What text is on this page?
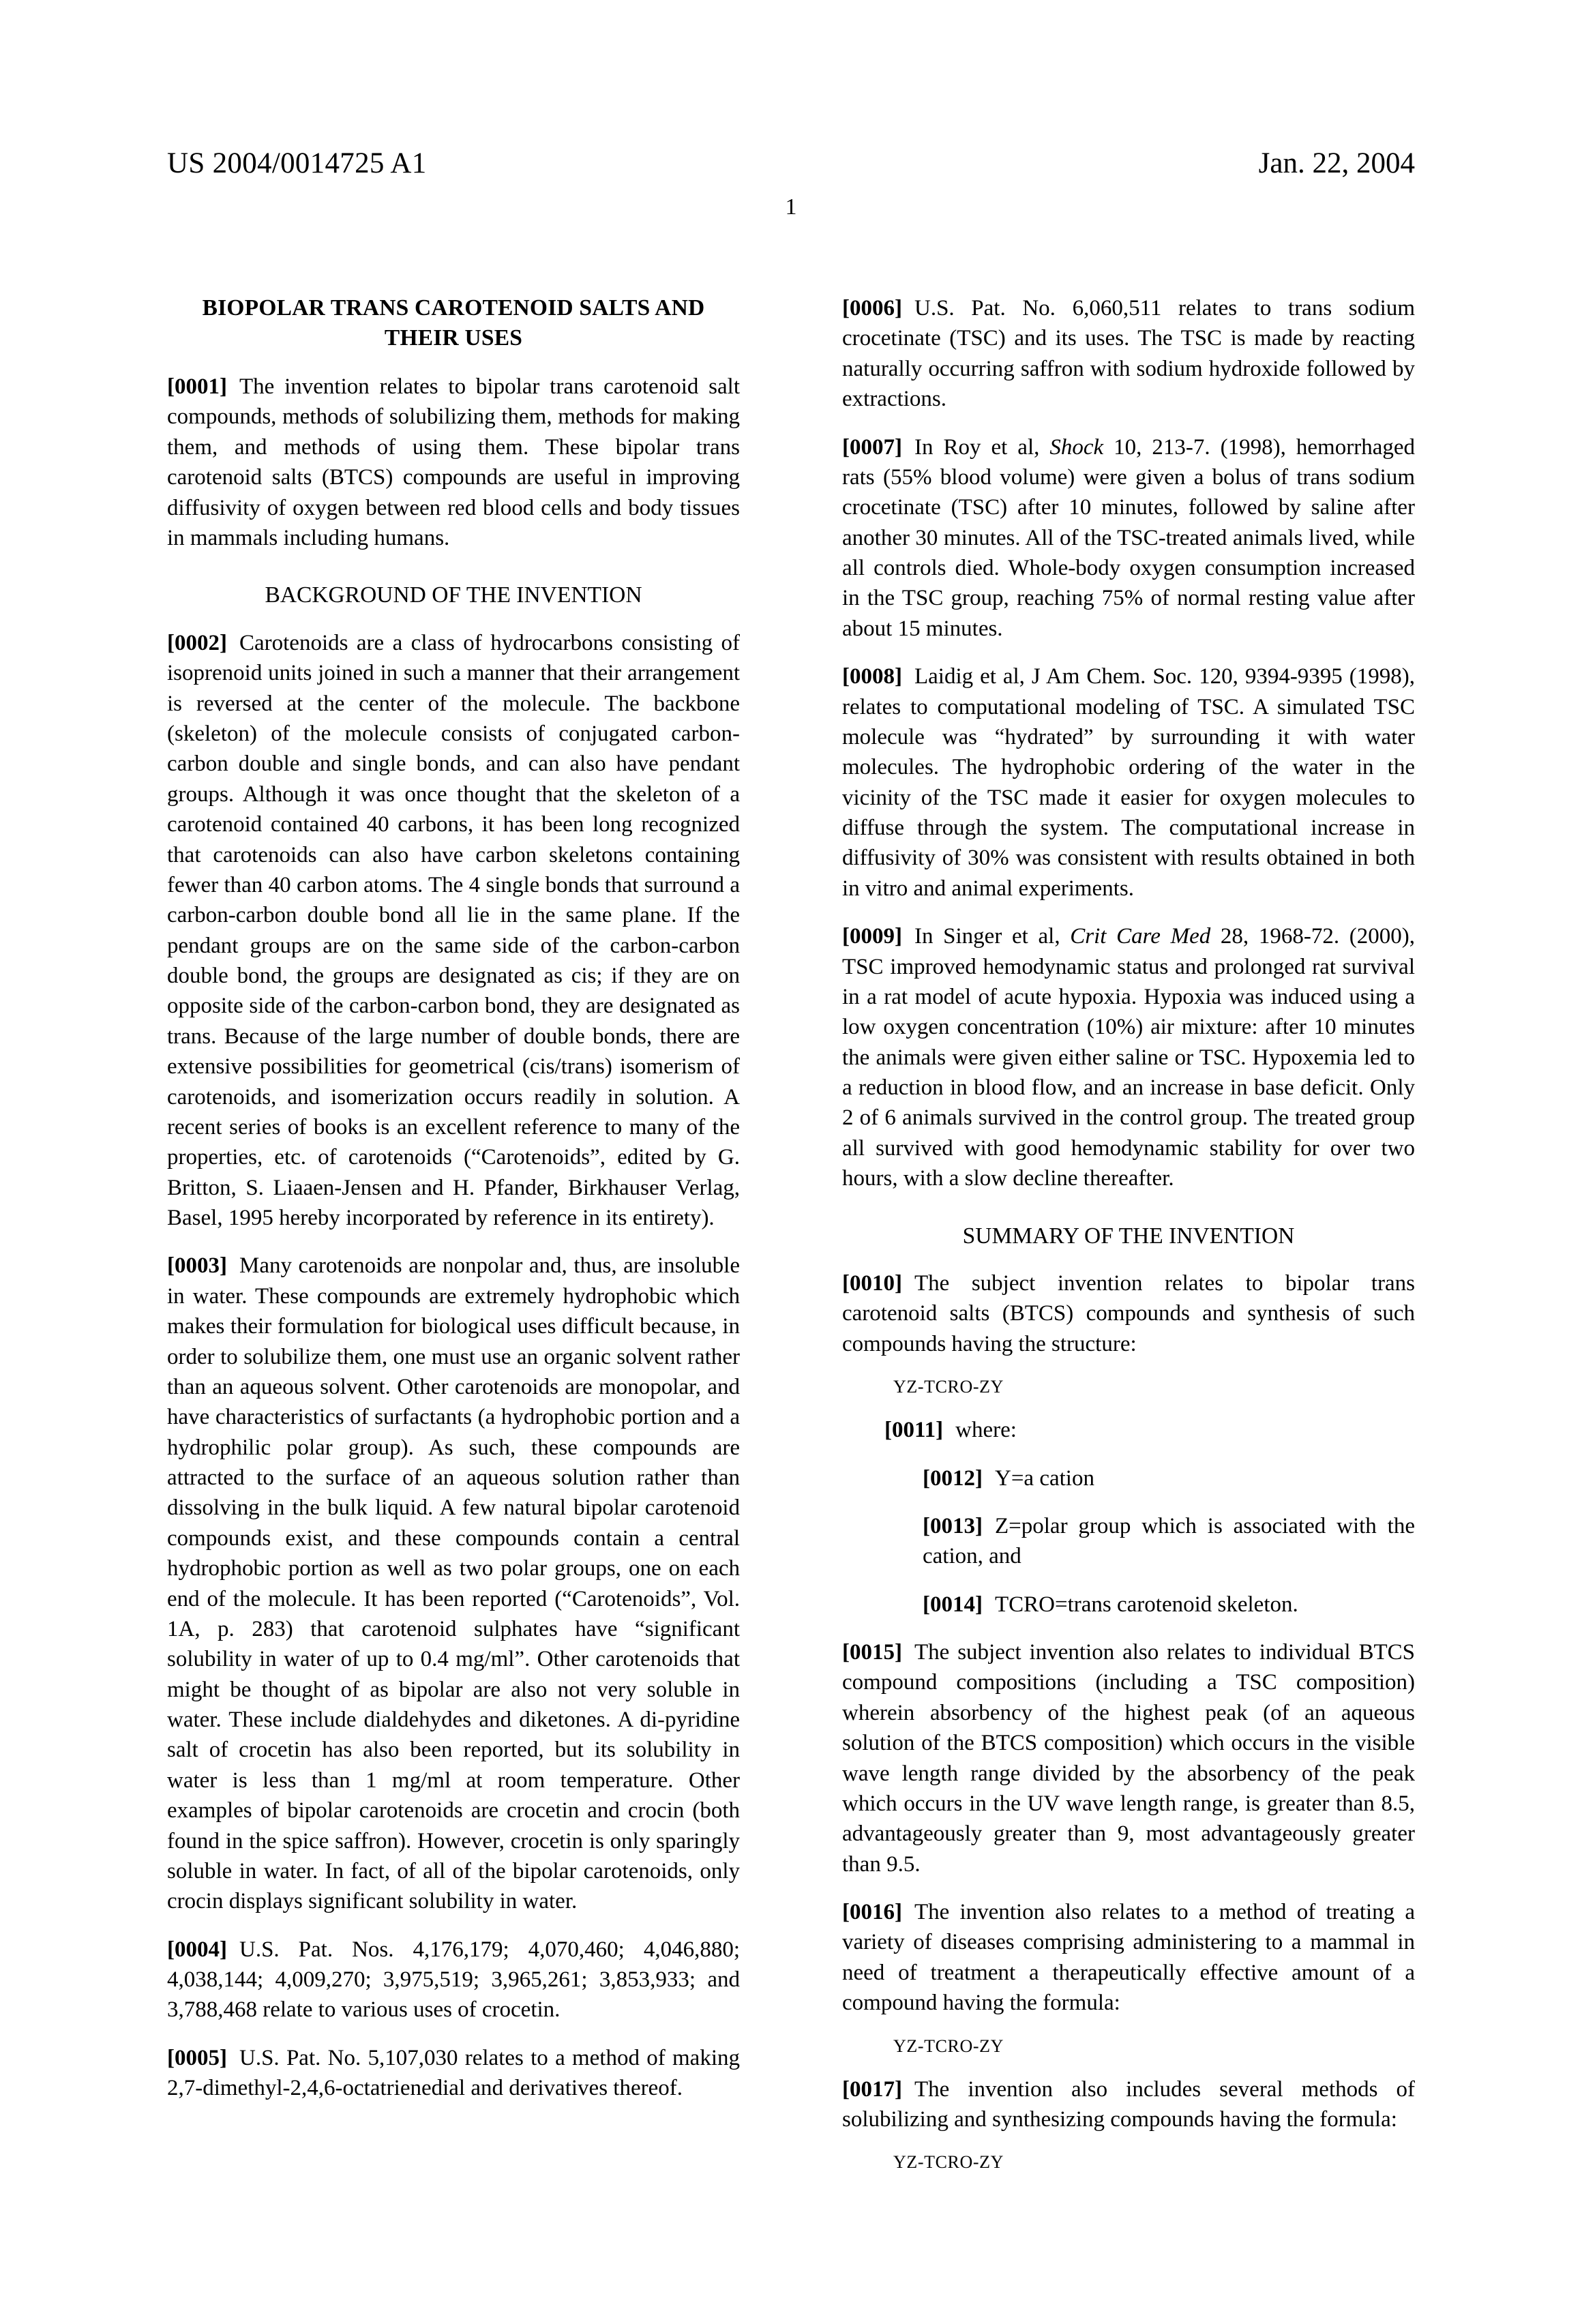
US 2004/0014725 A1	Jan. 22, 2004
1
BIOPOLAR TRANS CAROTENOID SALTS AND THEIR USES

[0001] The invention relates to bipolar trans carotenoid salt compounds, methods of solubilizing them, methods for making them, and methods of using them. These bipolar trans carotenoid salts (BTCS) compounds are useful in improving diffusivity of oxygen between red blood cells and body tissues in mammals including humans.

BACKGROUND OF THE INVENTION

[0002] Carotenoids are a class of hydrocarbons consisting of isoprenoid units joined in such a manner that their arrangement is reversed at the center of the molecule. The backbone (skeleton) of the molecule consists of conjugated carbon-carbon double and single bonds, and can also have pendant groups. Although it was once thought that the skeleton of a carotenoid contained 40 carbons, it has been long recognized that carotenoids can also have carbon skeletons containing fewer than 40 carbon atoms. The 4 single bonds that surround a carbon-carbon double bond all lie in the same plane. If the pendant groups are on the same side of the carbon-carbon double bond, the groups are designated as cis; if they are on opposite side of the carbon-carbon bond, they are designated as trans. Because of the large number of double bonds, there are extensive possibilities for geometrical (cis/trans) isomerism of carotenoids, and isomerization occurs readily in solution. A recent series of books is an excellent reference to many of the properties, etc. of carotenoids (“Carotenoids”, edited by G. Britton, S. Liaaen-Jensen and H. Pfander, Birkhauser Verlag, Basel, 1995 hereby incorporated by reference in its entirety).

[0003] Many carotenoids are nonpolar and, thus, are insoluble in water. These compounds are extremely hydrophobic which makes their formulation for biological uses difficult because, in order to solubilize them, one must use an organic solvent rather than an aqueous solvent. Other carotenoids are monopolar, and have characteristics of surfactants (a hydrophobic portion and a hydrophilic polar group). As such, these compounds are attracted to the surface of an aqueous solution rather than dissolving in the bulk liquid. A few natural bipolar carotenoid compounds exist, and these compounds contain a central hydrophobic portion as well as two polar groups, one on each end of the molecule. It has been reported (“Carotenoids”, Vol. 1A, p. 283) that carotenoid sulphates have “significant solubility in water of up to 0.4 mg/ml”. Other carotenoids that might be thought of as bipolar are also not very soluble in water. These include dialdehydes and diketones. A di-pyridine salt of crocetin has also been reported, but its solubility in water is less than 1 mg/ml at room temperature. Other examples of bipolar carotenoids are crocetin and crocin (both found in the spice saffron). However, crocetin is only sparingly soluble in water. In fact, of all of the bipolar carotenoids, only crocin displays significant solubility in water.

[0004] U.S. Pat. Nos. 4,176,179; 4,070,460; 4,046,880; 4,038,144; 4,009,270; 3,975,519; 3,965,261; 3,853,933; and 3,788,468 relate to various uses of crocetin.

[0005] U.S. Pat. No. 5,107,030 relates to a method of making 2,7-dimethyl-2,4,6-octatrienedial and derivatives thereof.

[0006] U.S. Pat. No. 6,060,511 relates to trans sodium crocetinate (TSC) and its uses. The TSC is made by reacting naturally occurring saffron with sodium hydroxide followed by extractions.

[0007] In Roy et al, Shock 10, 213-7. (1998), hemorrhaged rats (55% blood volume) were given a bolus of trans sodium crocetinate (TSC) after 10 minutes, followed by saline after another 30 minutes. All of the TSC-treated animals lived, while all controls died. Whole-body oxygen consumption increased in the TSC group, reaching 75% of normal resting value after about 15 minutes.

[0008] Laidig et al, J Am Chem. Soc. 120, 9394-9395 (1998), relates to computational modeling of TSC. A simulated TSC molecule was “hydrated” by surrounding it with water molecules. The hydrophobic ordering of the water in the vicinity of the TSC made it easier for oxygen molecules to diffuse through the system. The computational increase in diffusivity of 30% was consistent with results obtained in both in vitro and animal experiments.

[0009] In Singer et al, Crit Care Med 28, 1968-72. (2000), TSC improved hemodynamic status and prolonged rat survival in a rat model of acute hypoxia. Hypoxia was induced using a low oxygen concentration (10%) air mixture: after 10 minutes the animals were given either saline or TSC. Hypoxemia led to a reduction in blood flow, and an increase in base deficit. Only 2 of 6 animals survived in the control group. The treated group all survived with good hemodynamic stability for over two hours, with a slow decline thereafter.

SUMMARY OF THE INVENTION

[0010] The subject invention relates to bipolar trans carotenoid salts (BTCS) compounds and synthesis of such compounds having the structure:

YZ-TCRO-ZY

[0011] where:

[0012] Y=a cation

[0013] Z=polar group which is associated with the cation, and

[0014] TCRO=trans carotenoid skeleton.

[0015] The subject invention also relates to individual BTCS compound compositions (including a TSC composition) wherein absorbency of the highest peak (of an aqueous solution of the BTCS composition) which occurs in the visible wave length range divided by the absorbency of the peak which occurs in the UV wave length range, is greater than 8.5, advantageously greater than 9, most advantageously greater than 9.5.

[0016] The invention also relates to a method of treating a variety of diseases comprising administering to a mammal in need of treatment a therapeutically effective amount of a compound having the formula:

YZ-TCRO-ZY

[0017] The invention also includes several methods of solubilizing and synthesizing compounds having the formula:

YZ-TCRO-ZY
